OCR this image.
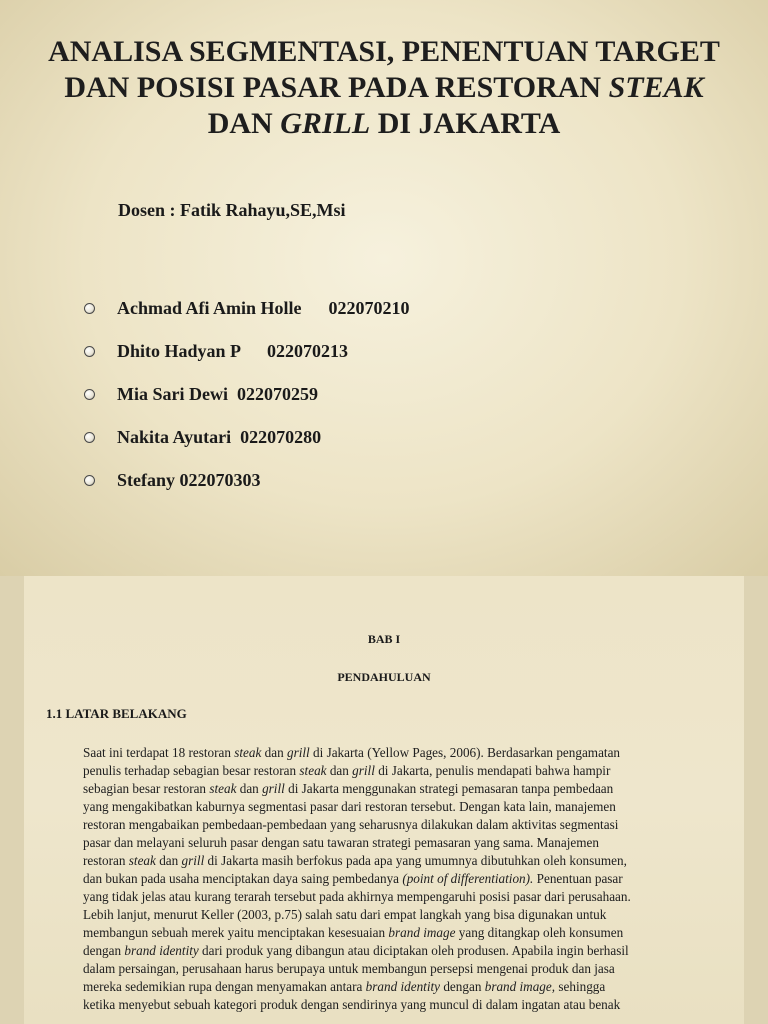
ANALISA SEGMENTASI, PENENTUAN TARGET
DAN POSISI PASAR PADA RESTORAN STEAK
DAN GRILL DI JAKARTA
Dosen : Fatik Rahayu,SE,Msi
Achmad Afi Amin Holle 022070210
Dhito Hadyan P 022070213
Mia Sari Dewi 022070259
Nakita Ayutari 022070280
Stefany 022070303
BAB I
PENDAHULUAN
1.1 LATAR BELAKANG
Saat ini terdapat 18 restoran steak dan grill di Jakarta (Yellow Pages, 2006). Berdasarkan pengamatan
penulis terhadap sebagian besar restoran steak dan grill di Jakarta, penulis mendapati bahwa hampir
sebagian besar restoran steak dan grill di Jakarta menggunakan strategi pemasaran tanpa pembedaan
yang mengakibatkan kaburnya segmentasi pasar dari restoran tersebut. Dengan kata lain, manajemen
restoran mengabaikan pembedaan-pembedaan yang seharusnya dilakukan dalam aktivitas segmentasi
pasar dan melayani seluruh pasar dengan satu tawaran strategi pemasaran yang sama. Manajemen
restoran steak dan grill di Jakarta masih berfokus pada apa yang umumnya dibutuhkan oleh konsumen,
dan bukan pada usaha menciptakan daya saing pembedanya (point of differentiation). Penentuan pasar
yang tidak jelas atau kurang terarah tersebut pada akhirnya mempengaruhi posisi pasar dari perusahaan.
Lebih lanjut, menurut Keller (2003, p.75) salah satu dari empat langkah yang bisa digunakan untuk
membangun sebuah merek yaitu menciptakan kesesuaian brand image yang ditangkap oleh konsumen
dengan brand identity dari produk yang dibangun atau diciptakan oleh produsen. Apabila ingin berhasil
dalam persaingan, perusahaan harus berupaya untuk membangun persepsi mengenai produk dan jasa
mereka sedemikian rupa dengan menyamakan antara brand identity dengan brand image, sehingga
ketika menyebut sebuah kategori produk dengan sendirinya yang muncul di dalam ingatan atau benak
